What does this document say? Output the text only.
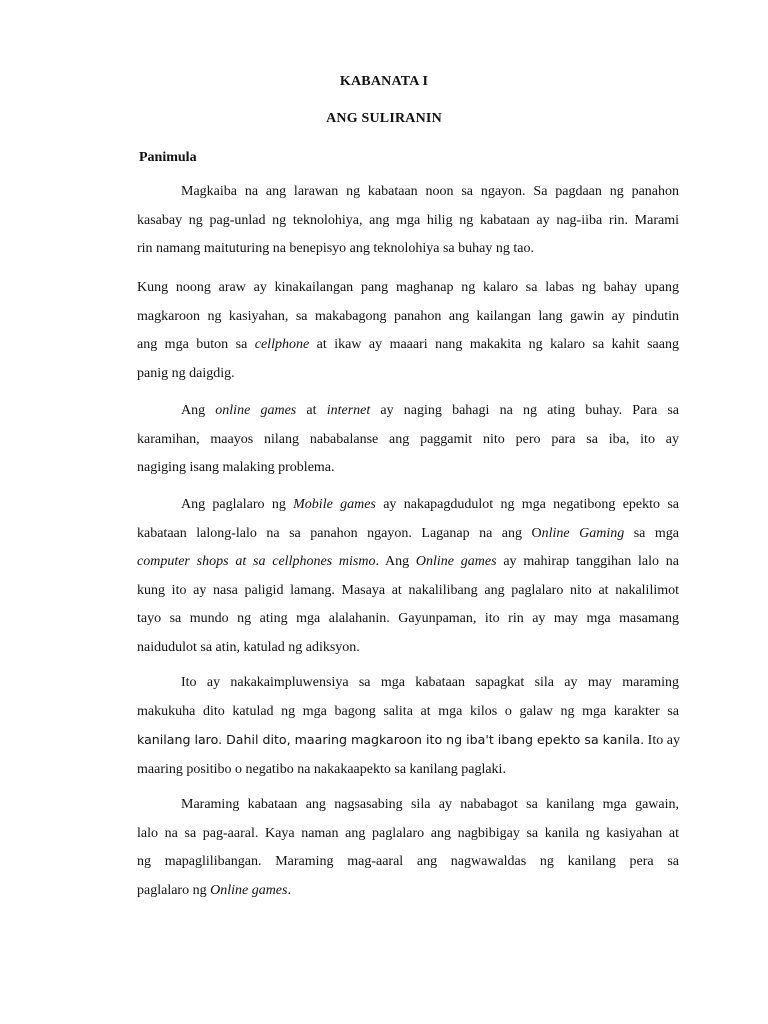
KABANATA I
ANG SULIRANIN
Panimula

Magkaiba na ang larawan ng kabataan noon sa ngayon. Sa pagdaan ng panahon
kasabay ng pag-unlad ng teknolohiya, ang mga hilig ng kabataan ay nag-iiba rin. Marami
rin namang maituturing na benepisyo ang teknolohiya sa buhay ng tao.

Kung noong araw ay kinakailangan pang maghanap ng kalaro sa labas ng bahay upang
magkaroon ng kasiyahan, sa makabagong panahon ang kailangan lang gawin ay pindutin
ang mga buton sa cellphone at ikaw ay maaari nang makakita ng kalaro sa kahit saang
panig ng daigdig.

Ang online games at internet ay naging bahagi na ng ating buhay. Para sa
karamihan, maayos nilang nababalanse ang paggamit nito pero para sa iba, ito ay
nagiging isang malaking problema.

Ang paglalaro ng Mobile games ay nakapagdudulot ng mga negatibong epekto sa
kabataan lalong-lalo na sa panahon ngayon. Laganap na ang Online Gaming sa mga
computer shops at sa cellphones mismo. Ang Online games ay mahirap tanggihan lalo na
kung ito ay nasa paligid lamang. Masaya at nakalilibang ang paglalaro nito at nakalilimot
tayo sa mundo ng ating mga alalahanin. Gayunpaman, ito rin ay may mga masamang
naidudulot sa atin, katulad ng adiksyon.

Ito ay nakakaimpluwensiya sa mga kabataan sapagkat sila ay may maraming
makukuha dito katulad ng mga bagong salita at mga kilos o galaw ng mga karakter sa
kanilang laro. Dahil dito, maaring magkaroon ito ng iba't ibang epekto sa kanila. Ito ay
maaring positibo o negatibo na nakakaapekto sa kanilang paglaki.

Maraming kabataan ang nagsasabing sila ay nababagot sa kanilang mga gawain,
lalo na sa pag-aaral. Kaya naman ang paglalaro ang nagbibigay sa kanila ng kasiyahan at
ng mapaglilibangan. Maraming mag-aaral ang nagwawaldas ng kanilang pera sa
paglalaro ng Online games.
